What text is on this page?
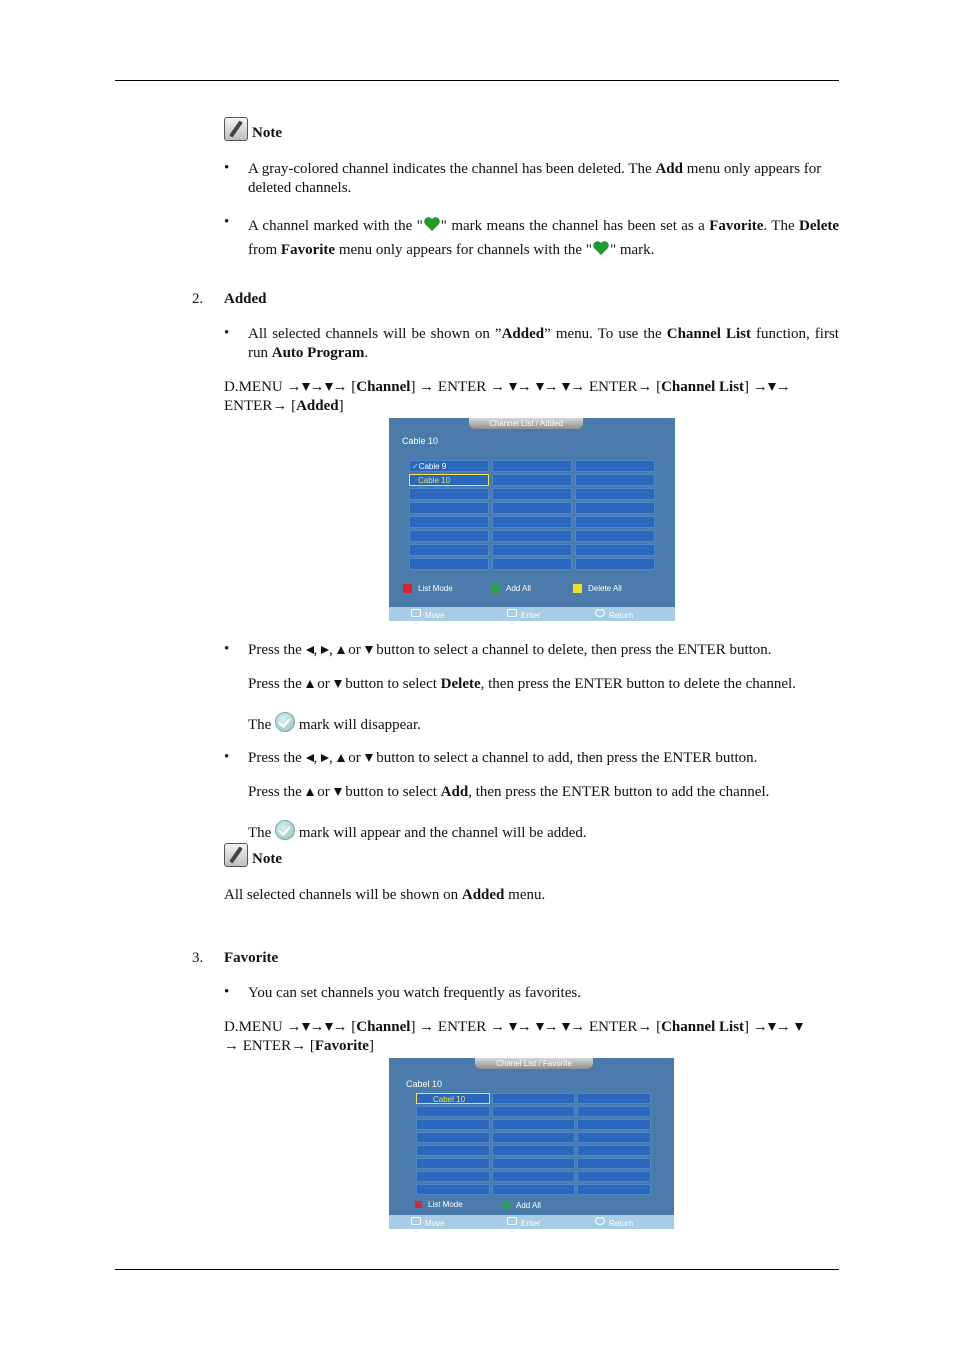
Note
• A gray-colored channel indicates the channel has been deleted. The Add menu only appears for deleted channels.
• A channel marked with the " " mark means the channel has been set as a Favorite. The Delete from Favorite menu only appears for channels with the " " mark.
2. Added
• All selected channels will be shown on ”Added” menu. To use the Channel List function, first run Auto Program.
D.MENU → → → [Channel] → ENTER → → → → ENTER→ [Channel List] → →
ENTER→ [Added]
Channel List / Added
Cable 10
✓Cable 9
Cable 10
List Mode	Add All	Delete All
Move	Enter	Return
• Press the , ,  or  button to select a channel to delete, then press the ENTER button.
Press the  or  button to select Delete, then press the ENTER button to delete the channel.
The  mark will disappear.
• Press the , ,  or  button to select a channel to add, then press the ENTER button.
Press the  or  button to select Add, then press the ENTER button to add the channel.
The  mark will appear and the channel will be added.
Note
All selected channels will be shown on Added menu.
3. Favorite
• You can set channels you watch frequently as favorites.
D.MENU → → → [Channel] → ENTER → → → → ENTER→ [Channel List] → →
→ ENTER→ [Favorite]
Chanel List / Favorite
Cabel 10
Cabel 10
List Mode	Add All
Move	Enter	Return
